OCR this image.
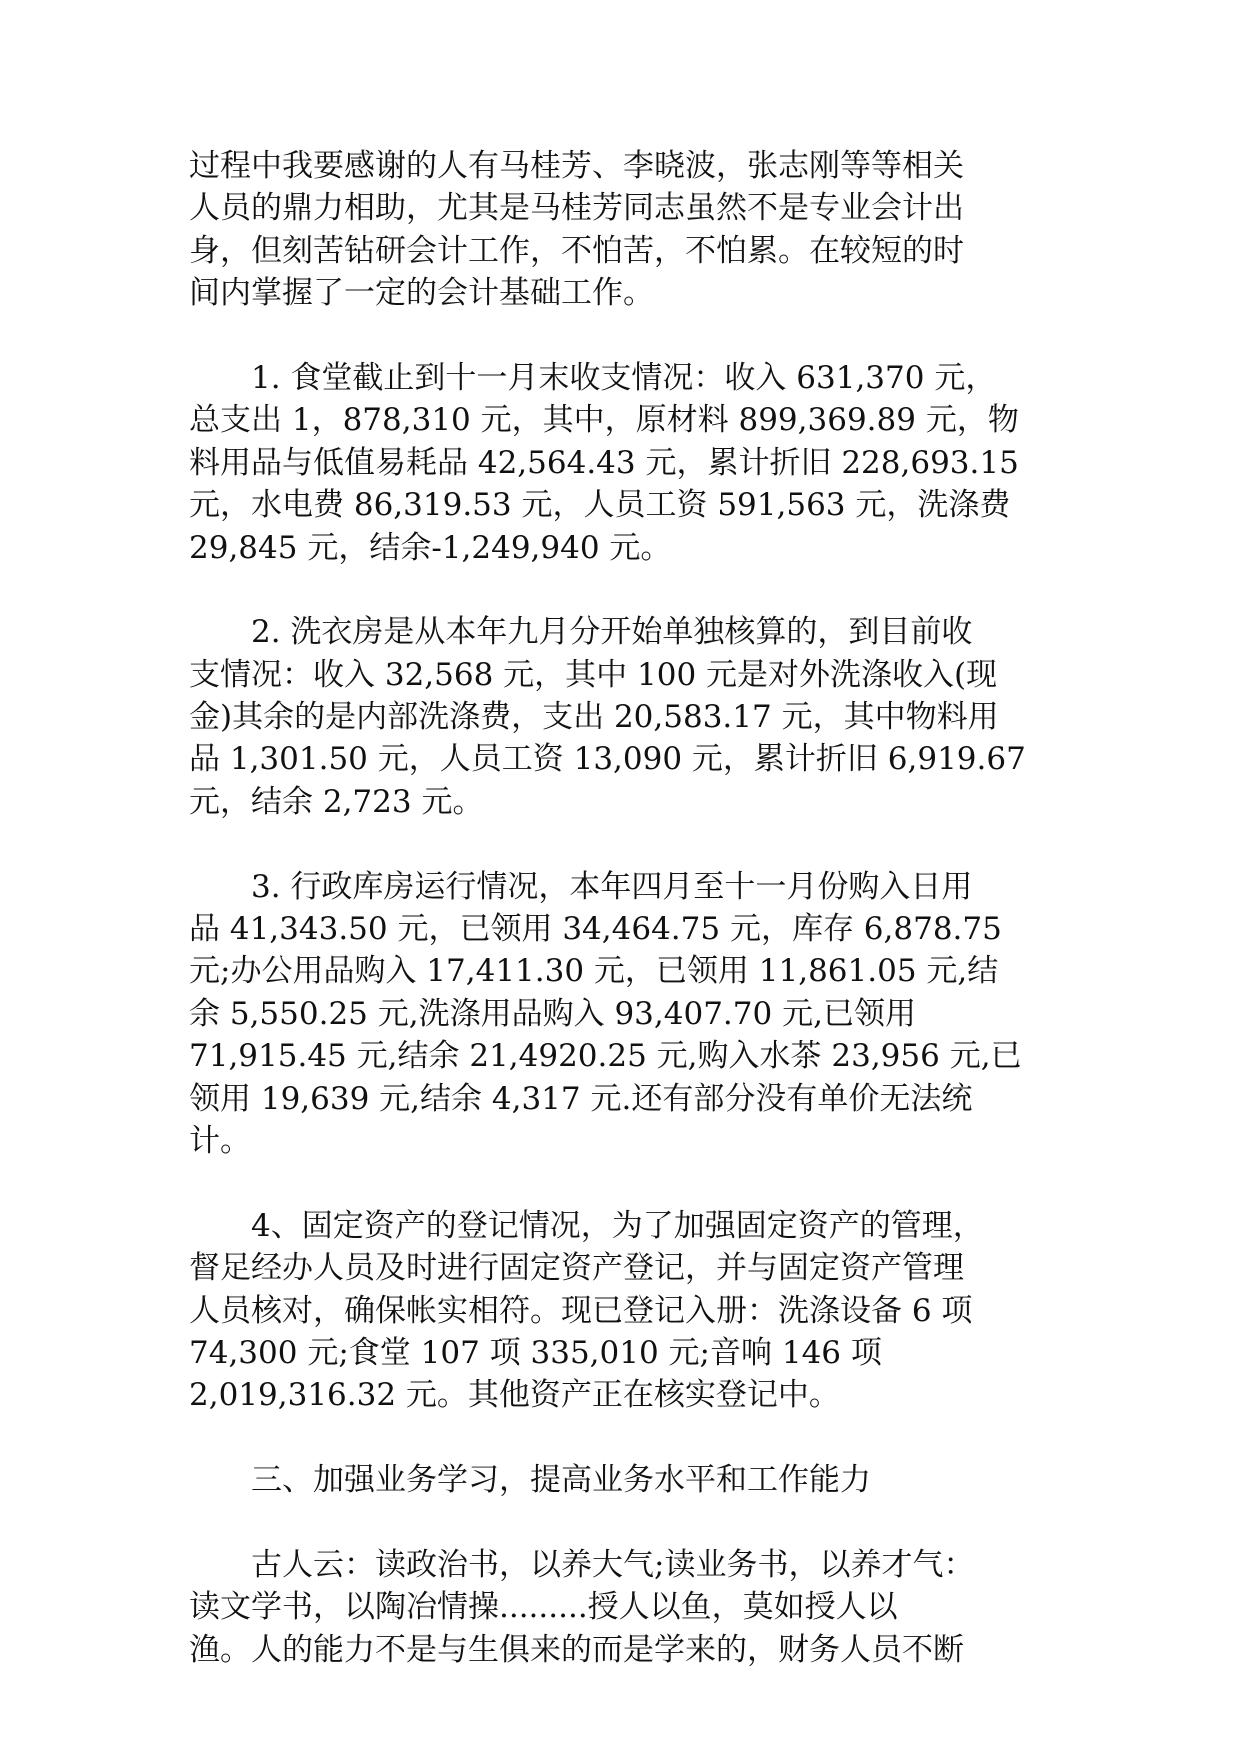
过程中我要感谢的人有马桂芳、李晓波，张志刚等等相关
人员的鼎力相助，尤其是马桂芳同志虽然不是专业会计出
身，但刻苦钻研会计工作，不怕苦，不怕累。在较短的时
间内掌握了一定的会计基础工作。
1. 食堂截止到十一月末收支情况：收入 631,370 元，
总支出 1，878,310 元，其中，原材料 899,369.89 元，物
料用品与低值易耗品 42,564.43 元，累计折旧 228,693.15
元，水电费 86,319.53 元，人员工资 591,563 元，洗涤费
29,845 元，结余-1,249,940 元。
2. 洗衣房是从本年九月分开始单独核算的，到目前收
支情况：收入 32,568 元，其中 100 元是对外洗涤收入(现
金)其余的是内部洗涤费，支出 20,583.17 元，其中物料用
品 1,301.50 元，人员工资 13,090 元，累计折旧 6,919.67
元，结余 2,723 元。
3. 行政库房运行情况，本年四月至十一月份购入日用
品 41,343.50 元，已领用 34,464.75 元，库存 6,878.75
元;办公用品购入 17,411.30 元，已领用 11,861.05 元,结
余 5,550.25 元,洗涤用品购入 93,407.70 元,已领用
71,915.45 元,结余 21,4920.25 元,购入水茶 23,956 元,已
领用 19,639 元,结余 4,317 元.还有部分没有单价无法统
计。
4、固定资产的登记情况，为了加强固定资产的管理，
督足经办人员及时进行固定资产登记，并与固定资产管理
人员核对，确保帐实相符。现已登记入册：洗涤设备 6 项
74,300 元;食堂 107 项 335,010 元;音响 146 项
2,019,316.32 元。其他资产正在核实登记中。
三、加强业务学习，提高业务水平和工作能力
古人云：读政治书，以养大气;读业务书，以养才气：
读文学书，以陶冶情操.........授人以鱼，莫如授人以
渔。人的能力不是与生俱来的而是学来的，财务人员不断
